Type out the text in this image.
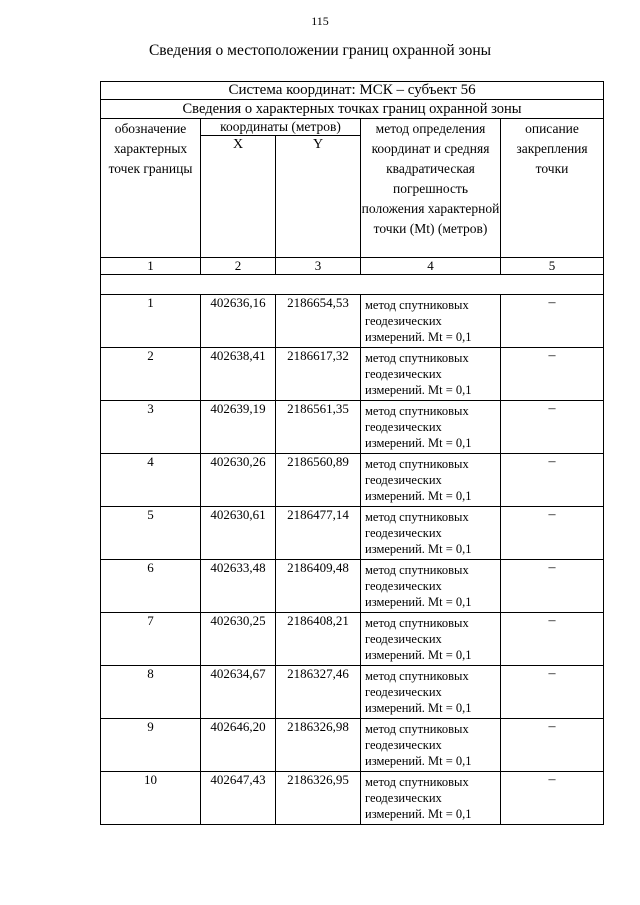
115
Сведения о местоположении границ охранной зоны
Система координат: МСК – субъект 56				
Сведения о характерных точках границ охранной зоны				
обозначение характерных точек границы	координаты (метров)		метод определения координат и средняя квадратическая погрешность положения характерной точки (Mt) (метров)	описание закрепления точки
	X	Y		
1	2	3	4	5

1	402636,16	2186654,53	метод спутниковых геодезических измерений. Mt = 0,1	–
2	402638,41	2186617,32	метод спутниковых геодезических измерений. Mt = 0,1	–
3	402639,19	2186561,35	метод спутниковых геодезических измерений. Mt = 0,1	–
4	402630,26	2186560,89	метод спутниковых геодезических измерений. Mt = 0,1	–
5	402630,61	2186477,14	метод спутниковых геодезических измерений. Mt = 0,1	–
6	402633,48	2186409,48	метод спутниковых геодезических измерений. Mt = 0,1	–
7	402630,25	2186408,21	метод спутниковых геодезических измерений. Mt = 0,1	–
8	402634,67	2186327,46	метод спутниковых геодезических измерений. Mt = 0,1	–
9	402646,20	2186326,98	метод спутниковых геодезических измерений. Mt = 0,1	–
10	402647,43	2186326,95	метод спутниковых геодезических измерений. Mt = 0,1	–
